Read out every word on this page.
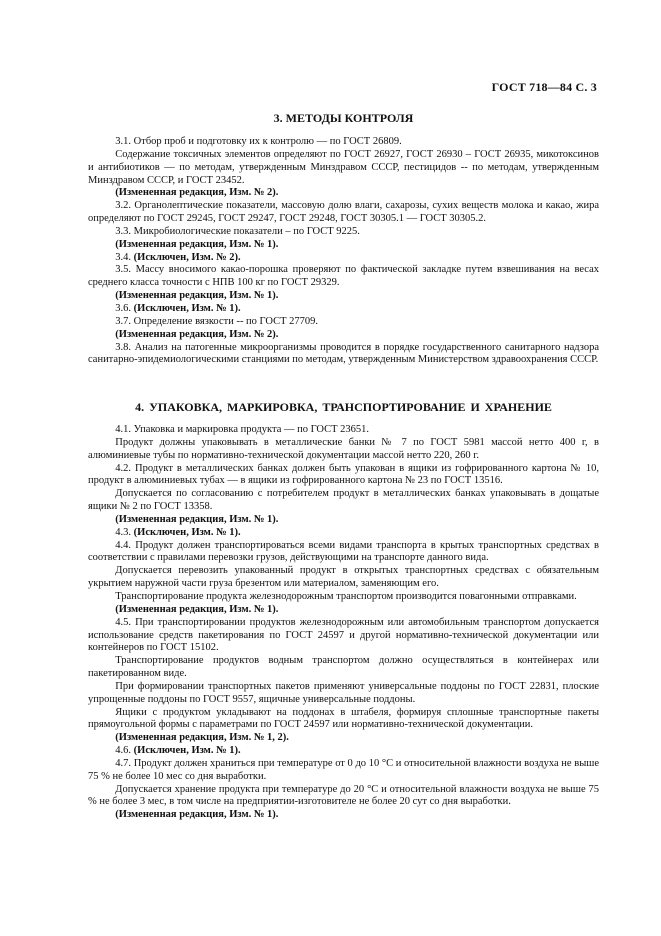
ГОСТ 718—84 С. 3
3. МЕТОДЫ КОНТРОЛЯ

3.1. Отбор проб и подготовку их к контролю — по ГОСТ 26809.

Содержание токсичных элементов определяют по ГОСТ 26927, ГОСТ 26930 – ГОСТ 26935, микотоксинов и антибиотиков — по методам, утвержденным Минздравом СССР, пестицидов -- по методам, утвержденным Минздравом СССР, и ГОСТ 23452.

(Измененная редакция, Изм. № 2).

3.2. Органолептические показатели, массовую долю влаги, сахарозы, сухих веществ молока и какао, жира определяют по ГОСТ 29245, ГОСТ 29247, ГОСТ 29248, ГОСТ 30305.1 — ГОСТ 30305.2.

3.3. Микробиологические показатели – по ГОСТ 9225.

(Измененная редакция, Изм. № 1).

3.4. (Исключен, Изм. № 2).

3.5. Массу вносимого какао-порошка проверяют по фактической закладке путем взвешивания на весах среднего класса точности с НПВ 100 кг по ГОСТ 29329.

(Измененная редакция, Изм. № 1).

3.6. (Исключен, Изм. № 1).

3.7. Определение вязкости -- по ГОСТ 27709.

(Измененная редакция, Изм. № 2).

3.8. Анализ на патогенные микроорганизмы проводится в порядке государственного санитарного надзора санитарно-эпидемиологическими станциями по методам, утвержденным Министерством здравоохранения СССР.

4. УПАКОВКА, МАРКИРОВКА, ТРАНСПОРТИРОВАНИЕ И ХРАНЕНИЕ

4.1. Упаковка и маркировка продукта — по ГОСТ 23651.

Продукт должны упаковывать в металлические банки № 7 по ГОСТ 5981 массой нетто 400 г, в алюминиевые тубы по нормативно-технической документации массой нетто 220, 260 г.

4.2. Продукт в металлических банках должен быть упакован в ящики из гофрированного картона № 10, продукт в алюминиевых тубах — в ящики из гофрированного картона № 23 по ГОСТ 13516.

Допускается по согласованию с потребителем продукт в металлических банках упаковывать в дощатые ящики № 2 по ГОСТ 13358.

(Измененная редакция, Изм. № 1).

4.3. (Исключен, Изм. № 1).

4.4. Продукт должен транспортироваться всеми видами транспорта в крытых транспортных средствах в соответствии с правилами перевозки грузов, действующими на транспорте данного вида.

Допускается перевозить упакованный продукт в открытых транспортных средствах с обязательным укрытием наружной части груза брезентом или материалом, заменяющим его.

Транспортирование продукта железнодорожным транспортом производится повагонными отправками.

(Измененная редакция, Изм. № 1).

4.5. При транспортировании продуктов железнодорожным или автомобильным транспортом допускается использование средств пакетирования по ГОСТ 24597 и другой нормативно-технической документации или контейнеров по ГОСТ 15102.

Транспортирование продуктов водным транспортом должно осуществляться в контейнерах или пакетированном виде.

При формировании транспортных пакетов применяют универсальные поддоны по ГОСТ 22831, плоские упрощенные поддоны по ГОСТ 9557, ящичные универсальные поддоны.

Ящики с продуктом укладывают на поддонах в штабеля, формируя сплошные транспортные пакеты прямоугольной формы с параметрами по ГОСТ 24597 или нормативно-технической документации.

(Измененная редакция, Изм. № 1, 2).

4.6. (Исключен, Изм. № 1).

4.7. Продукт должен храниться при температуре от 0 до 10 °С и относительной влажности воздуха не выше 75 % не более 10 мес со дня выработки.

Допускается хранение продукта при температуре до 20 °С и относительной влажности воздуха не выше 75 % не более 3 мес, в том числе на предприятии-изготовителе не более 20 сут со дня выработки.

(Измененная редакция, Изм. № 1).
